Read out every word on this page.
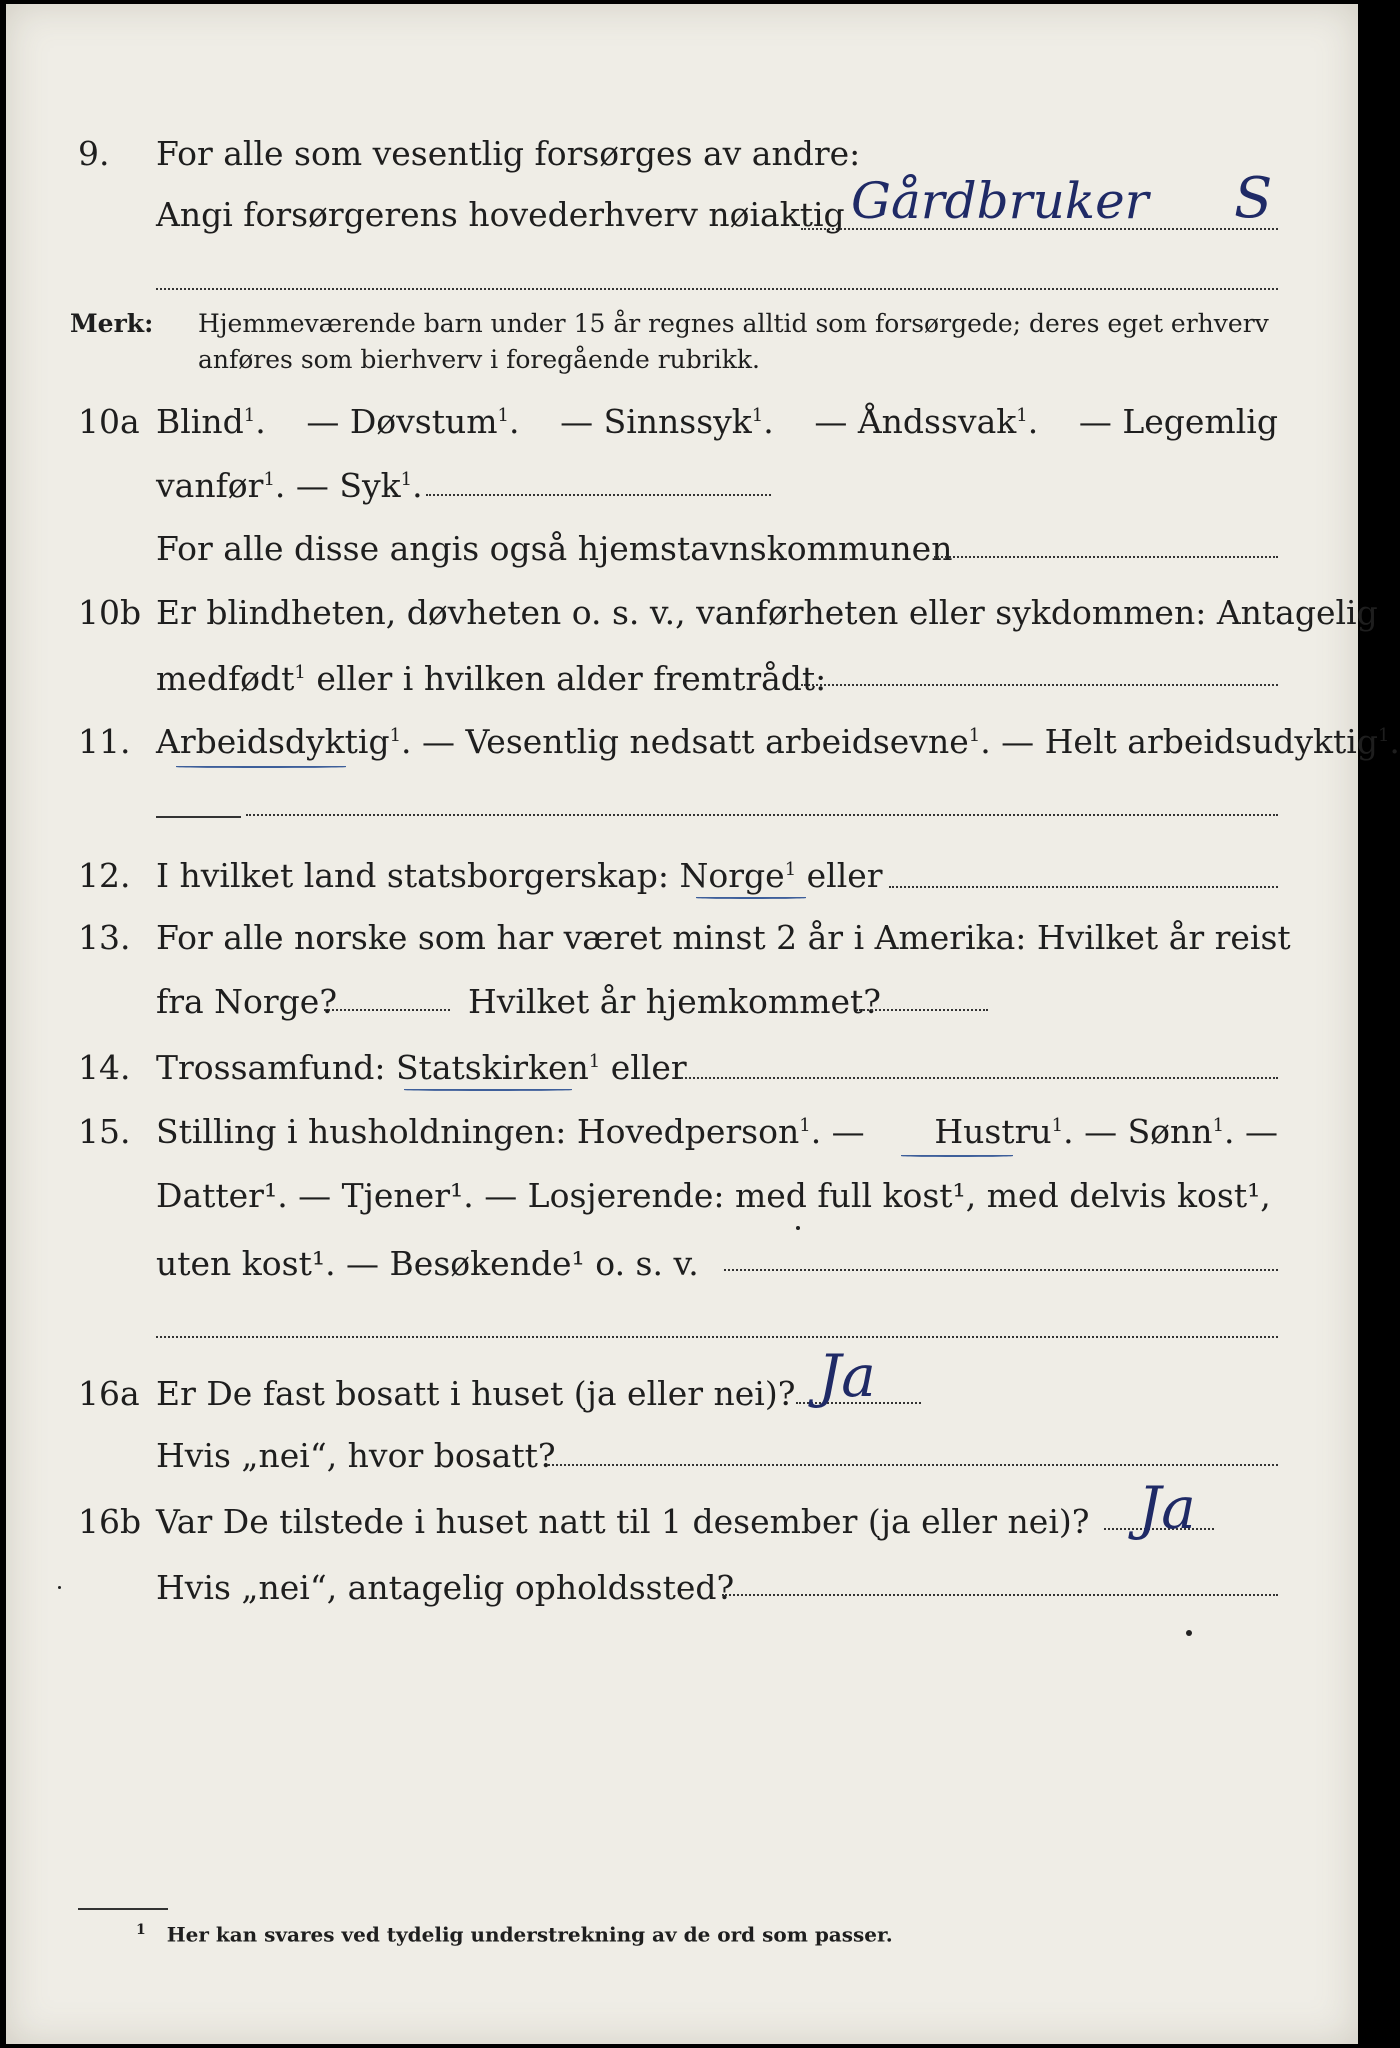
9. For alle som vesentlig forsørges av andre:
Angi forsørgerens hovederhverv nøiaktig Gårdbruker S
Merk: Hjemmeværende barn under 15 år regnes alltid som forsørgede; deres eget erhverv
anføres som bierhverv i foregående rubrikk.
10a Blind$^1$. — Døvstum$^1$. — Sinnssyk$^1$. — Åndssvak$^1$. — Legemlig
vanfør$^1$. — Syk$^1$.
For alle disse angis også hjemstavnskommunen
10b Er blindheten, døvheten o. s. v., vanførheten eller sykdommen: Antagelig
medfødt$^1$ eller i hvilken alder fremtrådt:
11. Arbeidsdyktig$^1$. — Vesentlig nedsatt arbeidsevne$^1$. — Helt arbeidsudyktig$^1$.
12. I hvilket land statsborgerskap: Norge$^1$ eller
13. For alle norske som har været minst 2 år i Amerika: Hvilket år reist
fra Norge?	Hvilket år hjemkommet?
14. Trossamfund: Statskirken$^1$ eller
15. Stilling i husholdningen: Hovedperson$^1$. — Hustru$^1$. — Sønn$^1$. —
Datter¹. — Tjener¹. — Losjerende: med full kost¹, med delvis kost¹,
uten kost¹. — Besøkende¹ o. s. v.
16a Er De fast bosatt i huset (ja eller nei)? Ja
Hvis „nei“, hvor bosatt?
16b Var De tilstede i huset natt til 1 desember (ja eller nei)? Ja
Hvis „nei“, antagelig opholdssted?
$^1$ Her kan svares ved tydelig understrekning av de ord som passer.
